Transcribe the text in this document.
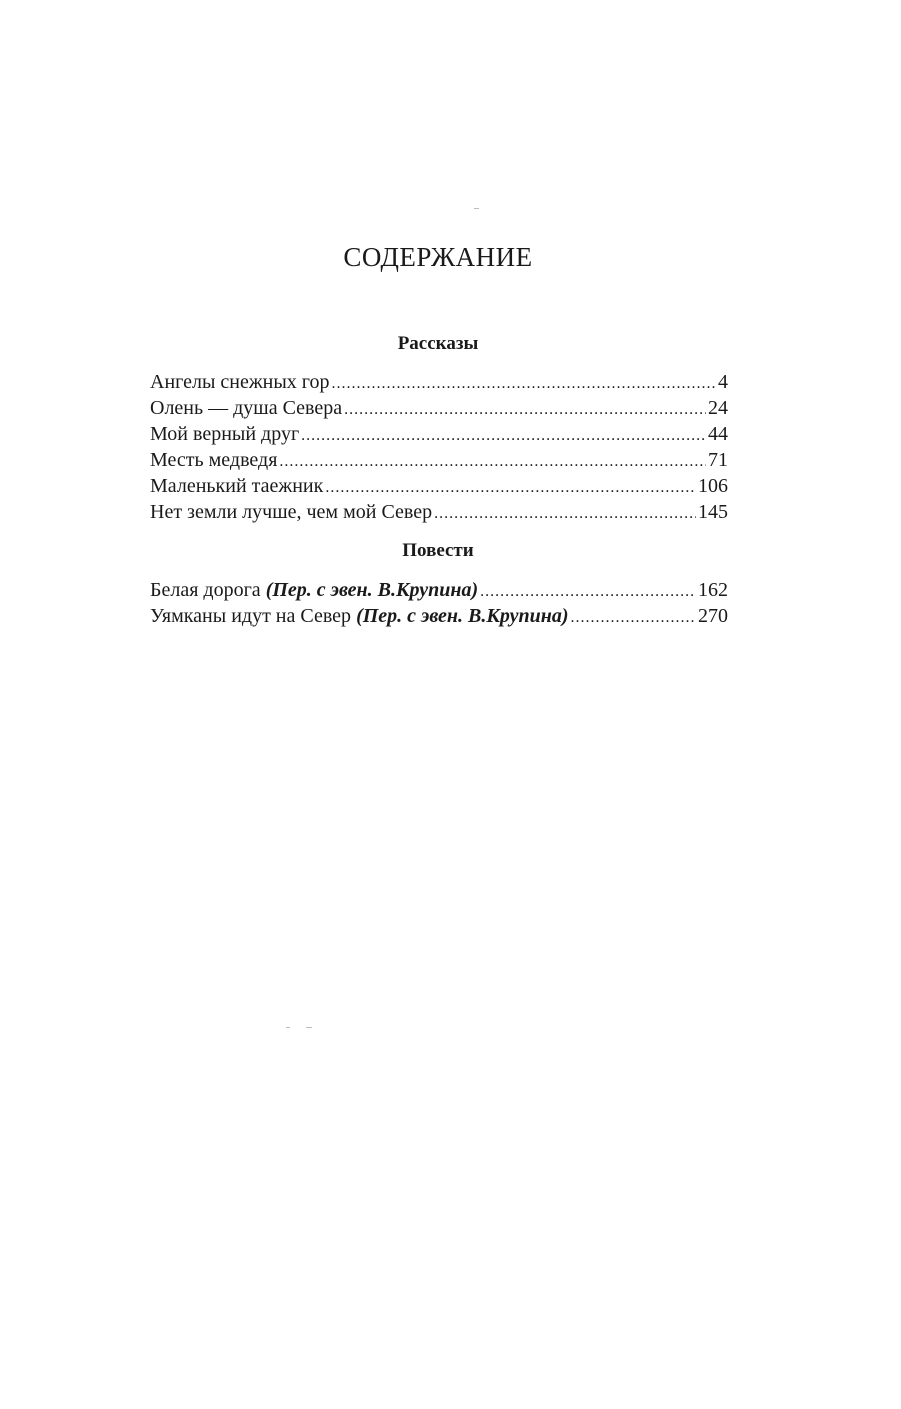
СОДЕРЖАНИЕ
Рассказы
Ангелы снежных гор .....	4
Олень — душа Севера .....	24
Мой верный друг .....	44
Месть медведя .....	71
Маленький таежник .....	106
Нет земли лучше, чем мой Север .....	145
Повести
Белая дорога (Пер. с эвен. В.Крупина) .....	162
Уямканы идут на Север (Пер. с эвен. В.Крупина) .....	270
